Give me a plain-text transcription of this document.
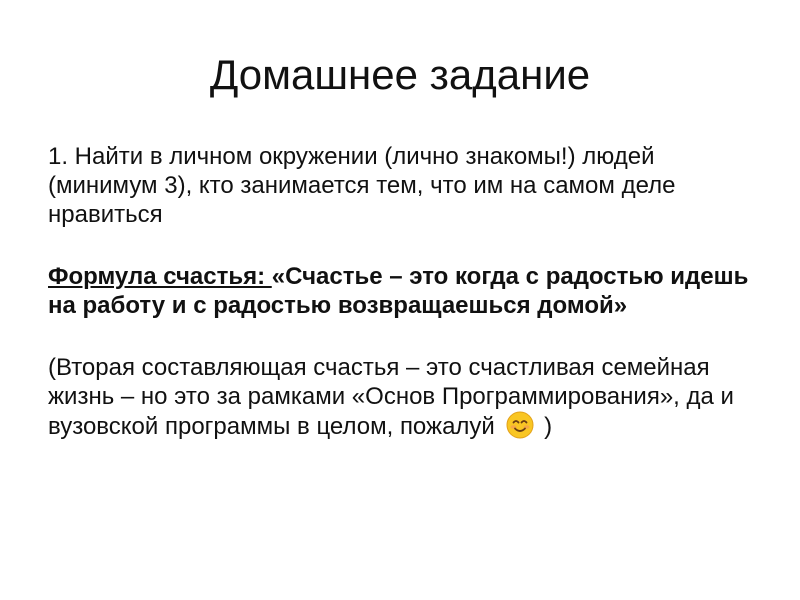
Домашнее задание

1. Найти в личном окружении (лично знакомы!) людей (минимум 3), кто занимается тем, что им на самом деле нравиться

Формула счастья: «Счастье – это когда с радостью идешь на работу и с радостью возвращаешься домой»

(Вторая составляющая счастья – это счастливая семейная жизнь – но это за рамками «Основ Программирования», да и вузовской программы в целом, пожалуй )
